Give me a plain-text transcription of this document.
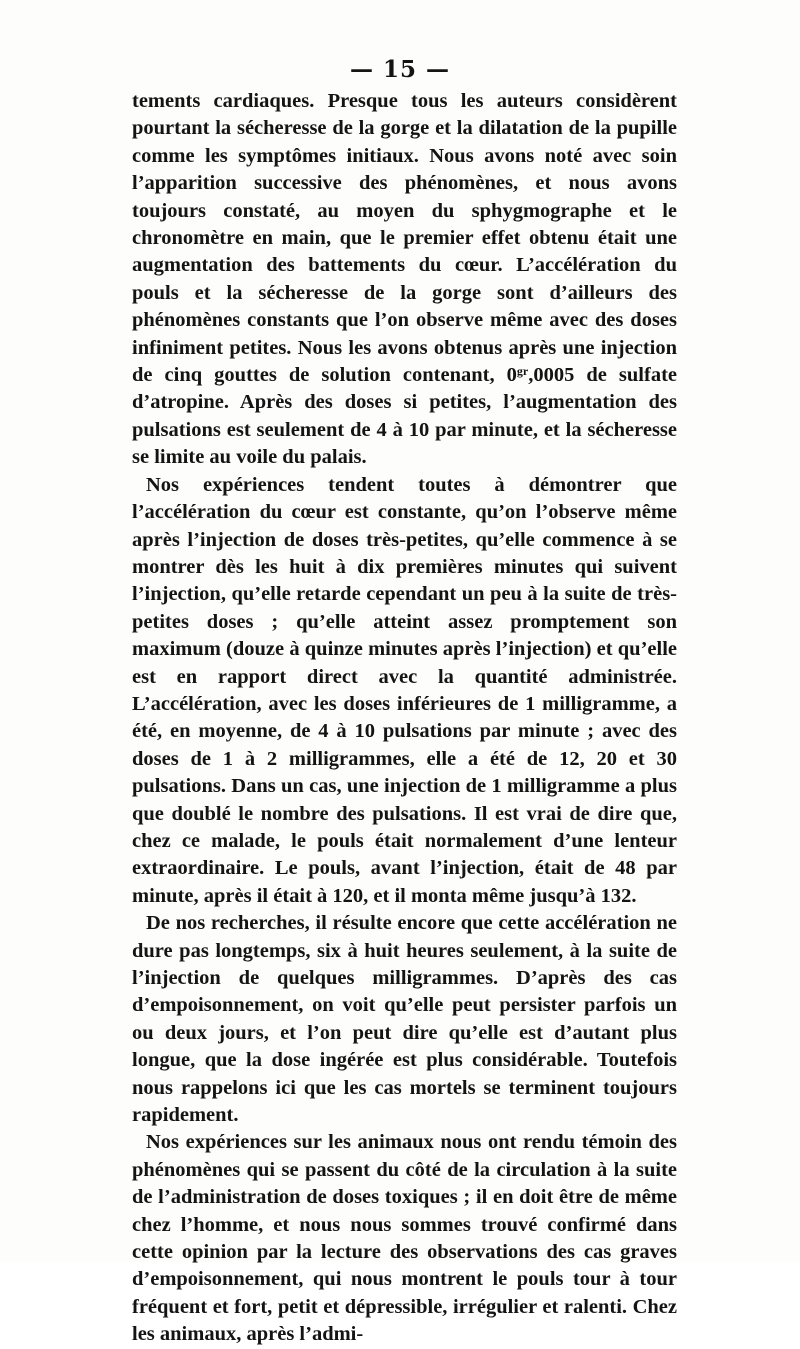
— 15 —

tements cardiaques. Presque tous les auteurs considèrent pourtant la sécheresse de la gorge et la dilatation de la pupille comme les symptômes initiaux. Nous avons noté avec soin l’apparition successive des phénomènes, et nous avons toujours constaté, au moyen du sphygmographe et le chronomètre en main, que le premier effet obtenu était une augmentation des battements du cœur. L’accélération du pouls et la sécheresse de la gorge sont d’ailleurs des phénomènes constants que l’on observe même avec des doses infiniment petites. Nous les avons obtenus après une injection de cinq gouttes de solution contenant, $0^{gr},0005$ de sulfate d’atropine. Après des doses si petites, l’augmentation des pulsations est seulement de 4 à 10 par minute, et la sécheresse se limite au voile du palais.

Nos expériences tendent toutes à démontrer que l’accélération du cœur est constante, qu’on l’observe même après l’injection de doses très-petites, qu’elle commence à se montrer dès les huit à dix premières minutes qui suivent l’injection, qu’elle retarde cependant un peu à la suite de très-petites doses ; qu’elle atteint assez promptement son maximum (douze à quinze minutes après l’injection) et qu’elle est en rapport direct avec la quantité administrée. L’accélération, avec les doses inférieures de 1 milligramme, a été, en moyenne, de 4 à 10 pulsations par minute ; avec des doses de 1 à 2 milligrammes, elle a été de 12, 20 et 30 pulsations. Dans un cas, une injection de 1 milligramme a plus que doublé le nombre des pulsations. Il est vrai de dire que, chez ce malade, le pouls était normalement d’une lenteur extraordinaire. Le pouls, avant l’injection, était de 48 par minute, après il était à 120, et il monta même jusqu’à 132.

De nos recherches, il résulte encore que cette accélération ne dure pas longtemps, six à huit heures seulement, à la suite de l’injection de quelques milligrammes. D’après des cas d’empoisonnement, on voit qu’elle peut persister parfois un ou deux jours, et l’on peut dire qu’elle est d’autant plus longue, que la dose ingérée est plus considérable. Toutefois nous rappelons ici que les cas mortels se terminent toujours rapidement.

Nos expériences sur les animaux nous ont rendu témoin des phénomènes qui se passent du côté de la circulation à la suite de l’administration de doses toxiques ; il en doit être de même chez l’homme, et nous nous sommes trouvé confirmé dans cette opinion par la lecture des observations des cas graves d’empoisonnement, qui nous montrent le pouls tour à tour fréquent et fort, petit et dépressible, irrégulier et ralenti. Chez les animaux, après l’admi-
